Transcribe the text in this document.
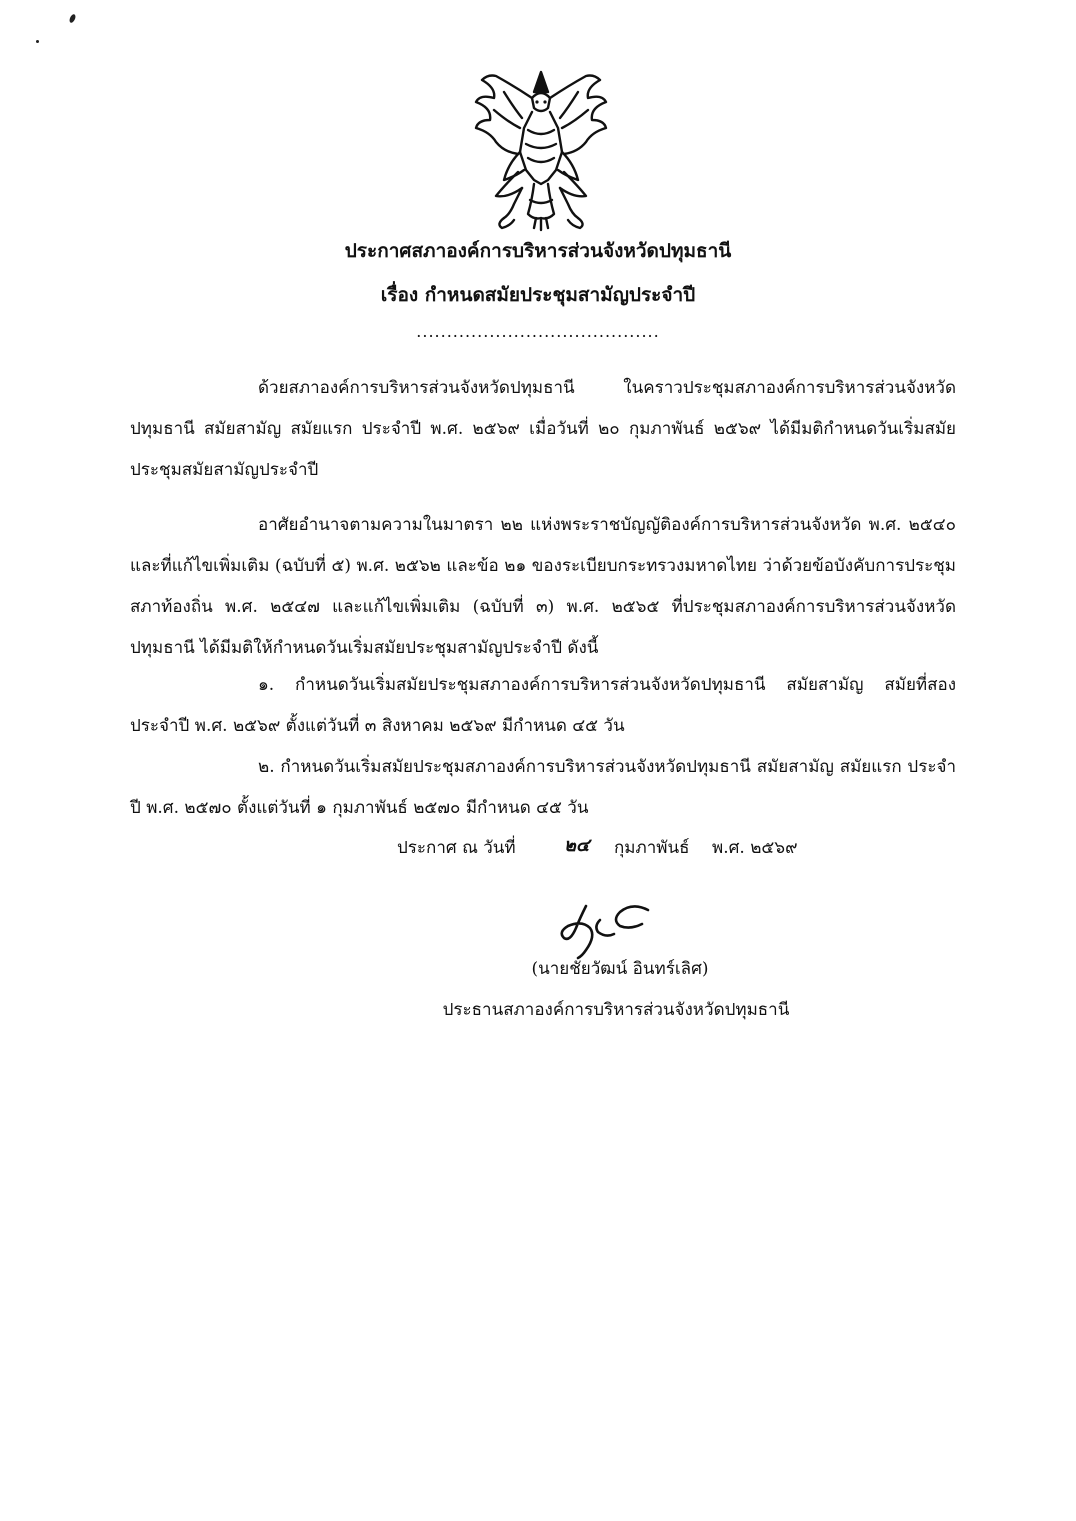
ประกาศสภาองค์การบริหารส่วนจังหวัดปทุมธานี
เรื่อง กำหนดสมัยประชุมสามัญประจำปี
........................................
ด้วยสภาองค์การบริหารส่วนจังหวัดปทุมธานี ในคราวประชุมสภาองค์การบริหารส่วนจังหวัดปทุมธานี สมัยสามัญ สมัยแรก ประจำปี พ.ศ. ๒๕๖๙ เมื่อวันที่ ๒๐ กุมภาพันธ์ ๒๕๖๙ ได้มีมติกำหนดวันเริ่มสมัยประชุมสมัยสามัญประจำปี
อาศัยอำนาจตามความในมาตรา ๒๒ แห่งพระราชบัญญัติองค์การบริหารส่วนจังหวัด พ.ศ. ๒๕๔๐ และที่แก้ไขเพิ่มเติม (ฉบับที่ ๕) พ.ศ. ๒๕๖๒ และข้อ ๒๑ ของระเบียบกระทรวงมหาดไทย ว่าด้วยข้อบังคับการประชุมสภาท้องถิ่น พ.ศ. ๒๕๔๗ และแก้ไขเพิ่มเติม (ฉบับที่ ๓) พ.ศ. ๒๕๖๕ ที่ประชุมสภาองค์การบริหารส่วนจังหวัดปทุมธานี ได้มีมติให้กำหนดวันเริ่มสมัยประชุมสามัญประจำปี ดังนี้
๑. กำหนดวันเริ่มสมัยประชุมสภาองค์การบริหารส่วนจังหวัดปทุมธานี สมัยสามัญ สมัยที่สอง ประจำปี พ.ศ. ๒๕๖๙ ตั้งแต่วันที่ ๓ สิงหาคม ๒๕๖๙ มีกำหนด ๔๕ วัน
๒. กำหนดวันเริ่มสมัยประชุมสภาองค์การบริหารส่วนจังหวัดปทุมธานี สมัยสามัญ สมัยแรก ประจำปี พ.ศ. ๒๕๗๐ ตั้งแต่วันที่ ๑ กุมภาพันธ์ ๒๕๗๐ มีกำหนด ๔๕ วัน
ประกาศ ณ วันที่	๒๔ กุมภาพันธ์ พ.ศ. ๒๕๖๙
(นายชัยวัฒน์ อินทร์เลิศ)
ประธานสภาองค์การบริหารส่วนจังหวัดปทุมธานี
